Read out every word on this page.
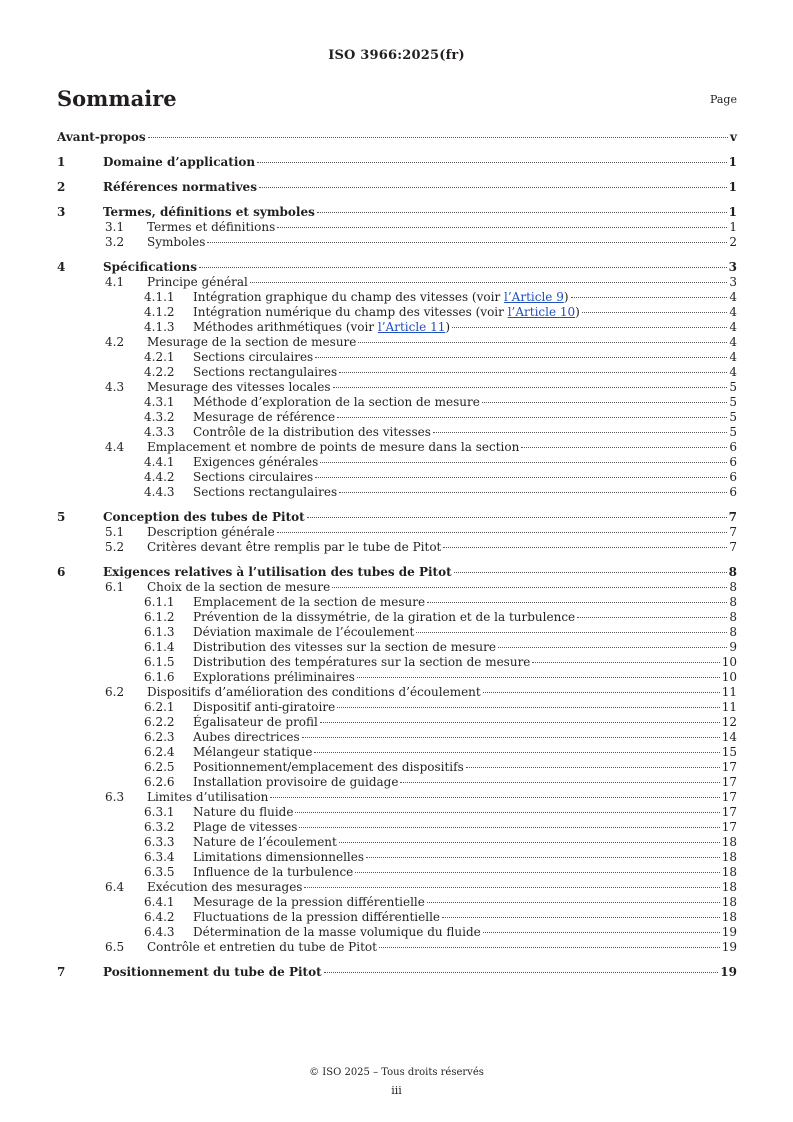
ISO 3966:2025(fr)
Sommaire	Page
Avant-propos	v
1	Domaine d’application	1
2	Références normatives	1
3	Termes, définitions et symboles	1
3.1 Termes et définitions	1
3.2 Symboles	2
4	Spécifications	3
4.1 Principe général	3
4.1.1 Intégration graphique du champ des vitesses (voir l’Article 9)	4
4.1.2 Intégration numérique du champ des vitesses (voir l’Article 10)	4
4.1.3 Méthodes arithmétiques (voir l’Article 11)	4
4.2 Mesurage de la section de mesure	4
4.2.1 Sections circulaires	4
4.2.2 Sections rectangulaires	4
4.3 Mesurage des vitesses locales	5
4.3.1 Méthode d’exploration de la section de mesure	5
4.3.2 Mesurage de référence	5
4.3.3 Contrôle de la distribution des vitesses	5
4.4 Emplacement et nombre de points de mesure dans la section	6
4.4.1 Exigences générales	6
4.4.2 Sections circulaires	6
4.4.3 Sections rectangulaires	6
5	Conception des tubes de Pitot	7
5.1 Description générale	7
5.2 Critères devant être remplis par le tube de Pitot	7
6	Exigences relatives à l’utilisation des tubes de Pitot	8
6.1 Choix de la section de mesure	8
6.1.1 Emplacement de la section de mesure	8
6.1.2 Prévention de la dissymétrie, de la giration et de la turbulence	8
6.1.3 Déviation maximale de l’écoulement	8
6.1.4 Distribution des vitesses sur la section de mesure	9
6.1.5 Distribution des températures sur la section de mesure	10
6.1.6 Explorations préliminaires	10
6.2 Dispositifs d’amélioration des conditions d’écoulement	11
6.2.1 Dispositif anti-giratoire	11
6.2.2 Égalisateur de profil	12
6.2.3 Aubes directrices	14
6.2.4 Mélangeur statique	15
6.2.5 Positionnement/emplacement des dispositifs	17
6.2.6 Installation provisoire de guidage	17
6.3 Limites d’utilisation	17
6.3.1 Nature du fluide	17
6.3.2 Plage de vitesses	17
6.3.3 Nature de l’écoulement	18
6.3.4 Limitations dimensionnelles	18
6.3.5 Influence de la turbulence	18
6.4 Exécution des mesurages	18
6.4.1 Mesurage de la pression différentielle	18
6.4.2 Fluctuations de la pression différentielle	18
6.4.3 Détermination de la masse volumique du fluide	19
6.5 Contrôle et entretien du tube de Pitot	19
7	Positionnement du tube de Pitot	19
© ISO 2025 – Tous droits réservés
iii
